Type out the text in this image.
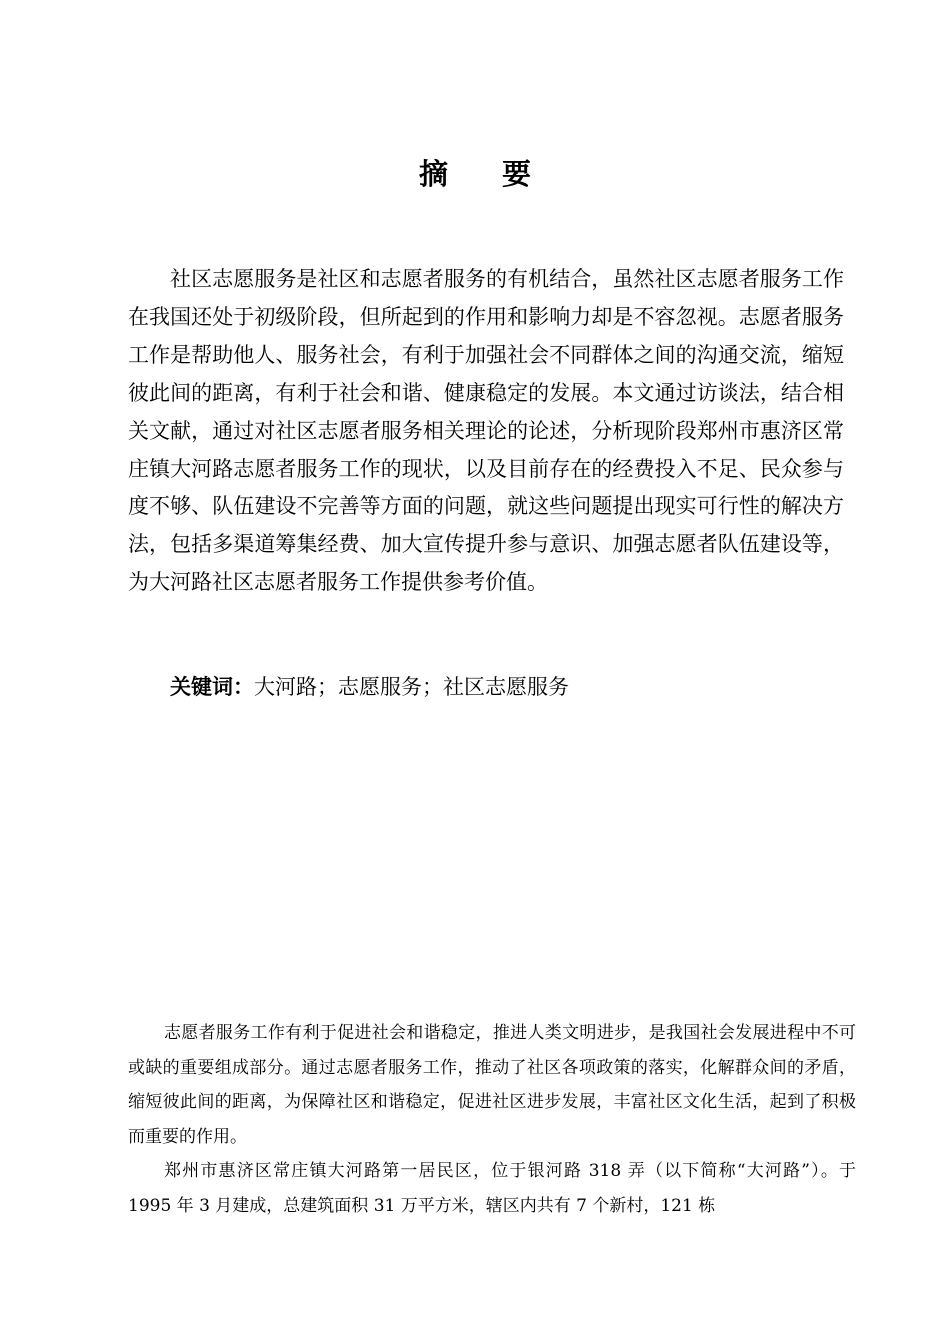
摘 要

社区志愿服务是社区和志愿者服务的有机结合，虽然社区志愿者服务工作在我国还处于初级阶段，但所起到的作用和影响力却是不容忽视。志愿者服务工作是帮助他人、服务社会，有利于加强社会不同群体之间的沟通交流，缩短彼此间的距离，有利于社会和谐、健康稳定的发展。本文通过访谈法，结合相关文献，通过对社区志愿者服务相关理论的论述，分析现阶段郑州市惠济区常庄镇大河路志愿者服务工作的现状，以及目前存在的经费投入不足、民众参与度不够、队伍建设不完善等方面的问题，就这些问题提出现实可行性的解决方法，包括多渠道筹集经费、加大宣传提升参与意识、加强志愿者队伍建设等，为大河路社区志愿者服务工作提供参考价值。

关键词：大河路；志愿服务；社区志愿服务

志愿者服务工作有利于促进社会和谐稳定，推进人类文明进步，是我国社会发展进程中不可或缺的重要组成部分。通过志愿者服务工作，推动了社区各项政策的落实，化解群众间的矛盾，缩短彼此间的距离，为保障社区和谐稳定，促进社区进步发展，丰富社区文化生活，起到了积极而重要的作用。

郑州市惠济区常庄镇大河路第一居民区，位于银河路 318 弄（以下简称“大河路”）。于 1995 年 3 月建成，总建筑面积 31 万平方米，辖区内共有 7 个新村，121 栋
